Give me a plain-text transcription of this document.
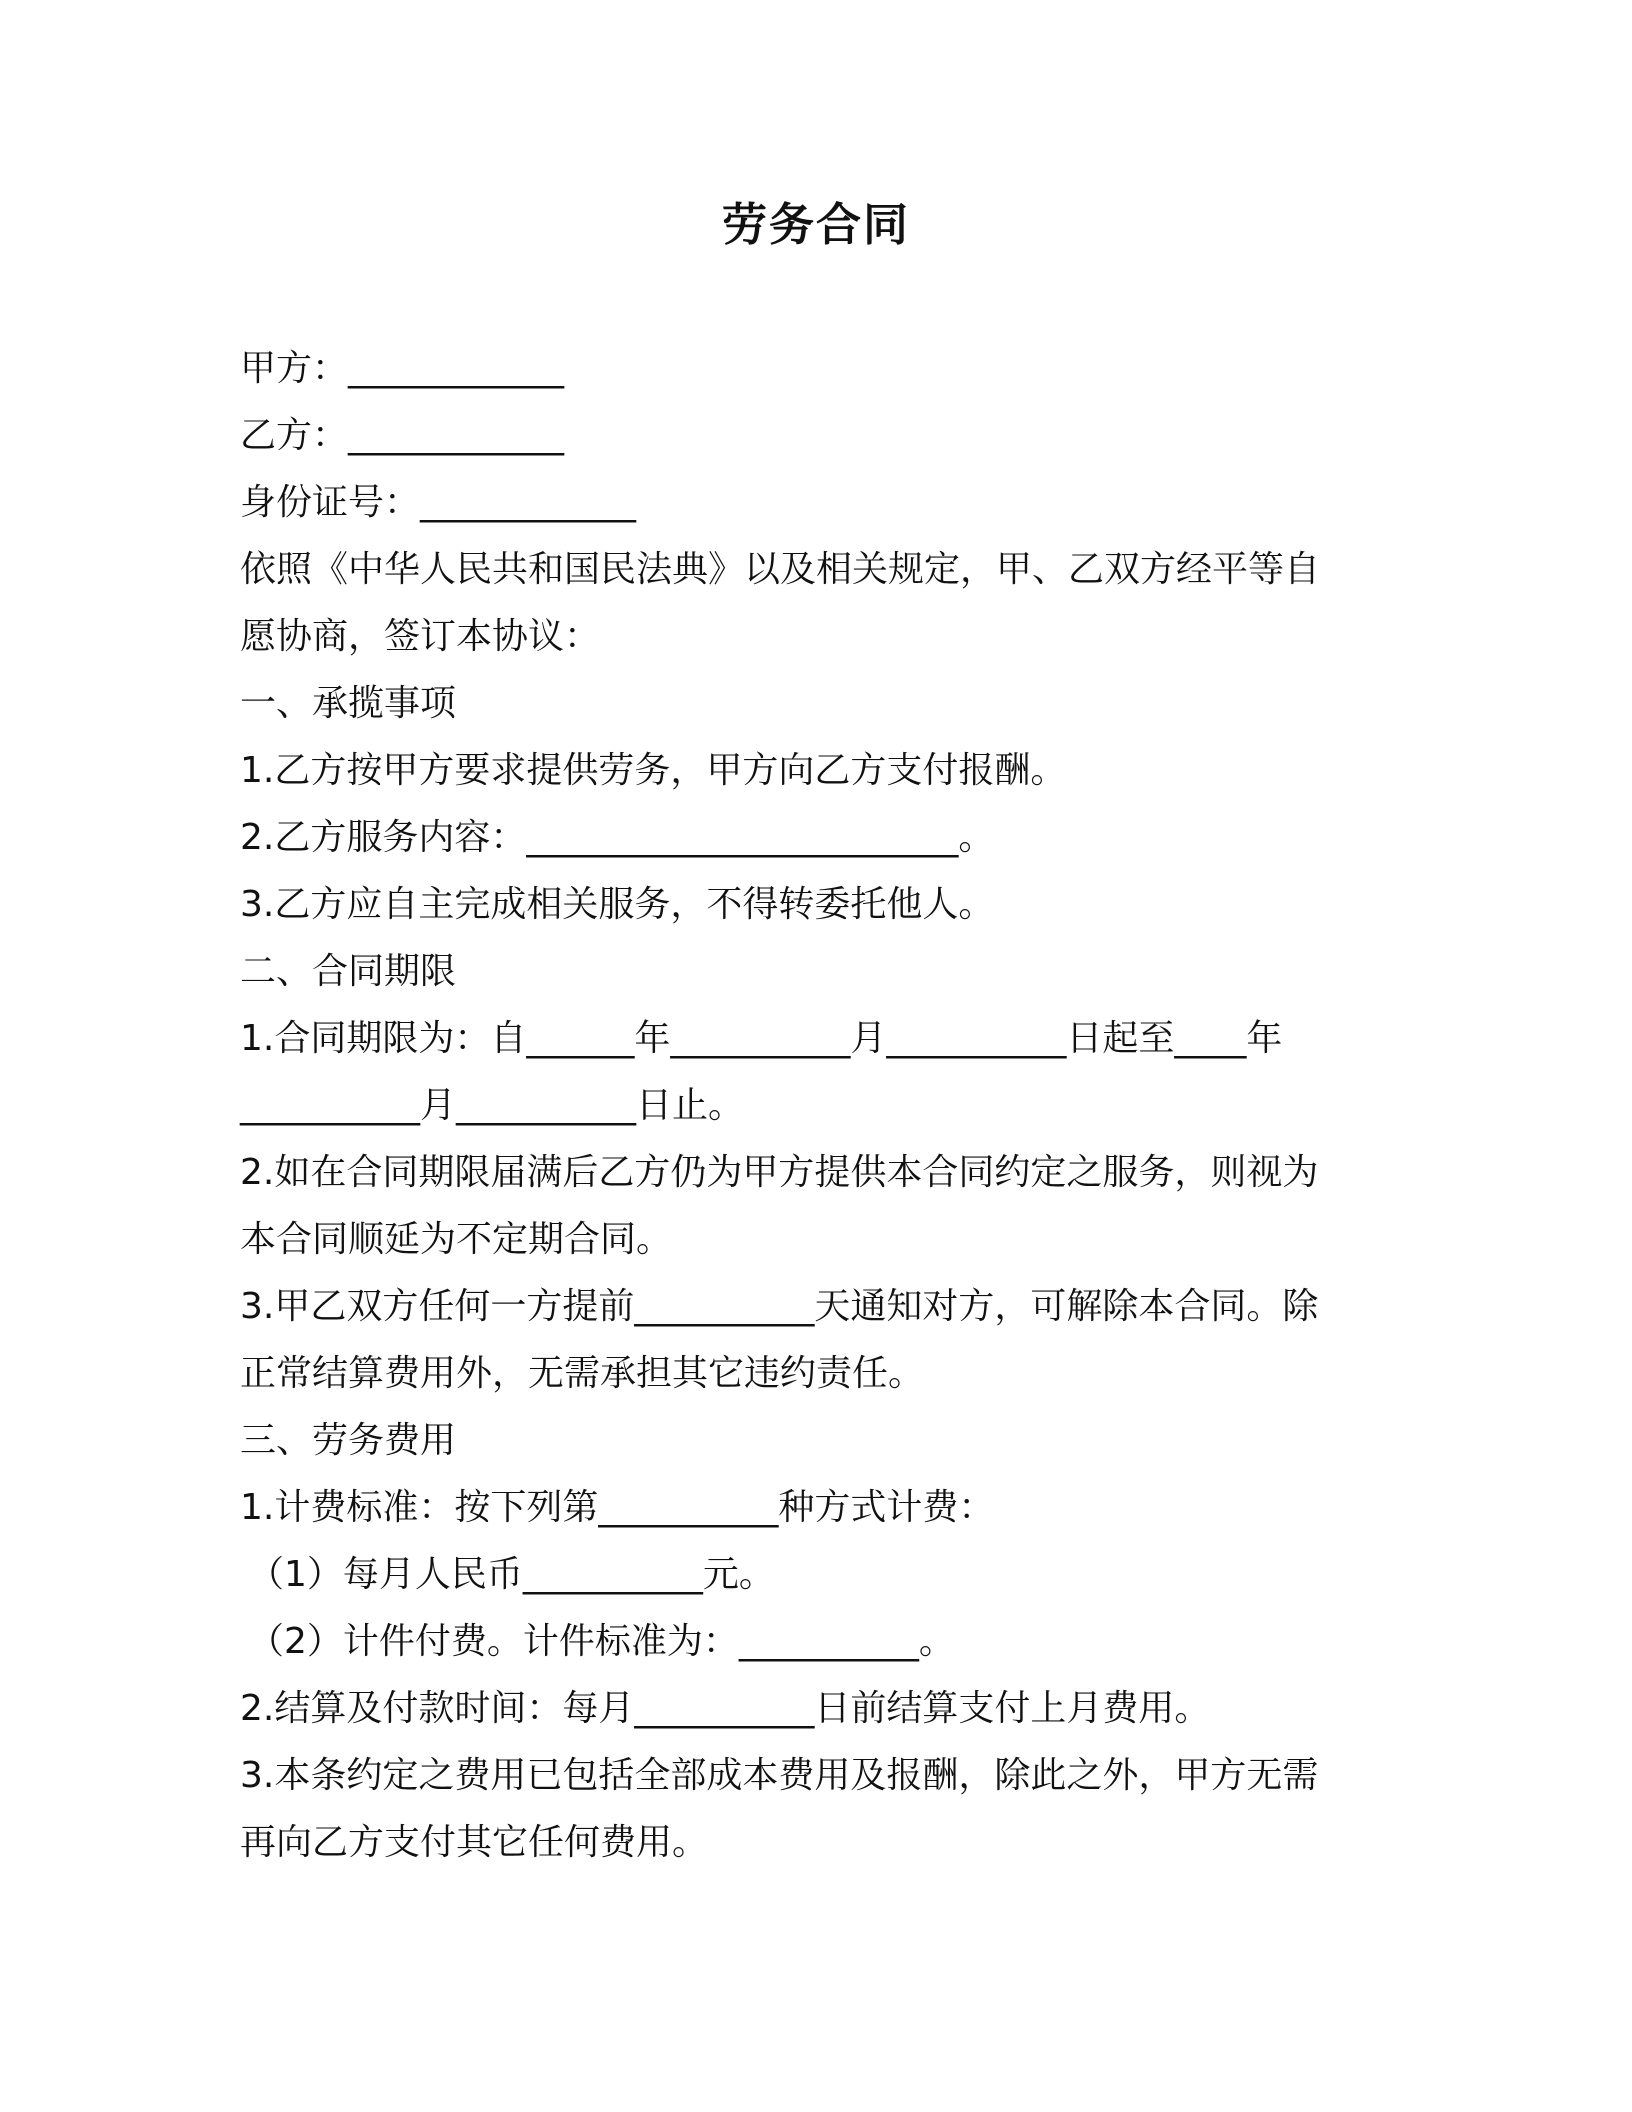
劳务合同
甲方：____________
乙方：____________
身份证号：____________
依照《中华人民共和国民法典》以及相关规定，甲、乙双方经平等自
愿协商，签订本协议：
一、承揽事项
1.乙方按甲方要求提供劳务，甲方向乙方支付报酬。
2.乙方服务内容：________________________。
3.乙方应自主完成相关服务，不得转委托他人。
二、合同期限
1.合同期限为：自______年__________月__________日起至____年
__________月__________日止。
2.如在合同期限届满后乙方仍为甲方提供本合同约定之服务，则视为
本合同顺延为不定期合同。
3.甲乙双方任何一方提前__________天通知对方，可解除本合同。除
正常结算费用外，无需承担其它违约责任。
三、劳务费用
1.计费标准：按下列第__________种方式计费：
（1）每月人民币__________元。
（2）计件付费。计件标准为：__________。
2.结算及付款时间：每月__________日前结算支付上月费用。
3.本条约定之费用已包括全部成本费用及报酬，除此之外，甲方无需
再向乙方支付其它任何费用。
